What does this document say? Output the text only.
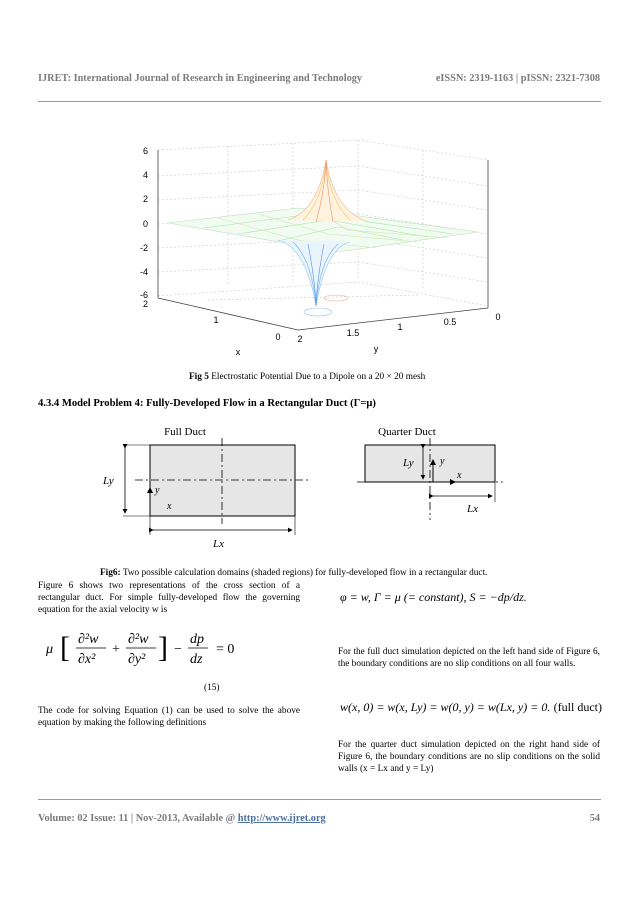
IJRET: International Journal of Research in Engineering and Technology	eISSN: 2319-1163 | pISSN: 2321-7308
6
4
2
0
-2
-4
-6
2
1
0 2
1.5
1	0.5	0
x	y
Fig 5 Electrostatic Potential Due to a Dipole on a 20 × 20 mesh
4.3.4 Model Problem 4: Fully-Developed Flow in a Rectangular Duct (Γ=μ)
Full Duct	Quarter Duct
Ly
Lx
y
x
Ly
Lx
y
x
Fig6: Two possible calculation domains (shaded regions) for fully-developed flow in a rectangular duct.
Figure 6 shows two representations of the cross section of a rectangular duct. For simple fully-developed flow the governing equation for the axial velocity w is
μ [ ∂²w
∂x²
+
∂²w
∂y² ] −
dp
dz
= 0
(15)
The code for solving Equation (1) can be used to solve the above equation by making the following definitions
φ = w, Γ = μ (= constant), S = −dp/dz.
For the full duct simulation depicted on the left hand side of Figure 6, the boundary conditions are no slip conditions on all four walls.
w(x, 0) = w(x, Ly) = w(0, y) = w(Lx, y) = 0. (full duct)
For the quarter duct simulation depicted on the right hand side of Figure 6, the boundary conditions are no slip conditions on the solid walls (x = Lx and y = Ly)
Volume: 02 Issue: 11 | Nov-2013, Available @ http://www.ijret.org	54
